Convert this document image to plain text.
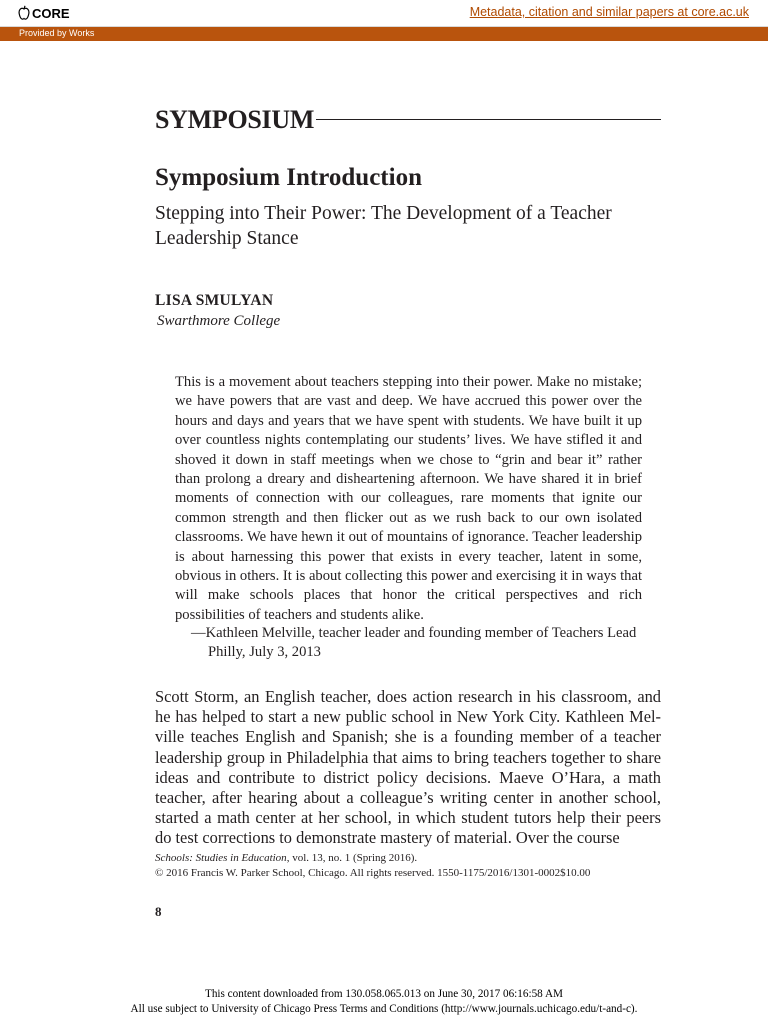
CORE	Metadata, citation and similar papers at core.ac.uk
Provided by Works
SYMPOSIUM
Symposium Introduction
Stepping into Their Power: The Development of a Teacher Leadership Stance
LISA SMULYAN
Swarthmore College

This is a movement about teachers stepping into their power. Make no mistake; we have powers that are vast and deep. We have accrued this power over the hours and days and years that we have spent with students. We have built it up over countless nights contemplating our students’ lives. We have stifled it and shoved it down in staff meetings when we chose to “grin and bear it” rather than prolong a dreary and disheartening afternoon. We have shared it in brief moments of connection with our colleagues, rare moments that ignite our common strength and then flicker out as we rush back to our own isolated classrooms. We have hewn it out of mountains of ignorance. Teacher leadership is about harnessing this power that exists in every teacher, latent in some, obvious in others. It is about collecting this power and exercising it in ways that will make schools places that honor the critical perspectives and rich possibilities of teachers and students alike.

—Kathleen Melville, teacher leader and founding member of Teachers Lead Philly, July 3, 2013

Scott Storm, an English teacher, does action research in his classroom, and he has helped to start a new public school in New York City. Kathleen Melville teaches English and Spanish; she is a founding member of a teacher leadership group in Philadelphia that aims to bring teachers together to share ideas and contribute to district policy decisions. Maeve O’Hara, a math teacher, after hearing about a colleague’s writing center in another school, started a math center at her school, in which student tutors help their peers do test corrections to demonstrate mastery of material. Over the course

Schools: Studies in Education, vol. 13, no. 1 (Spring 2016).
© 2016 Francis W. Parker School, Chicago. All rights reserved. 1550-1175/2016/1301-0002$10.00
8
This content downloaded from 130.058.065.013 on June 30, 2017 06:16:58 AM
All use subject to University of Chicago Press Terms and Conditions (http://www.journals.uchicago.edu/t-and-c).
